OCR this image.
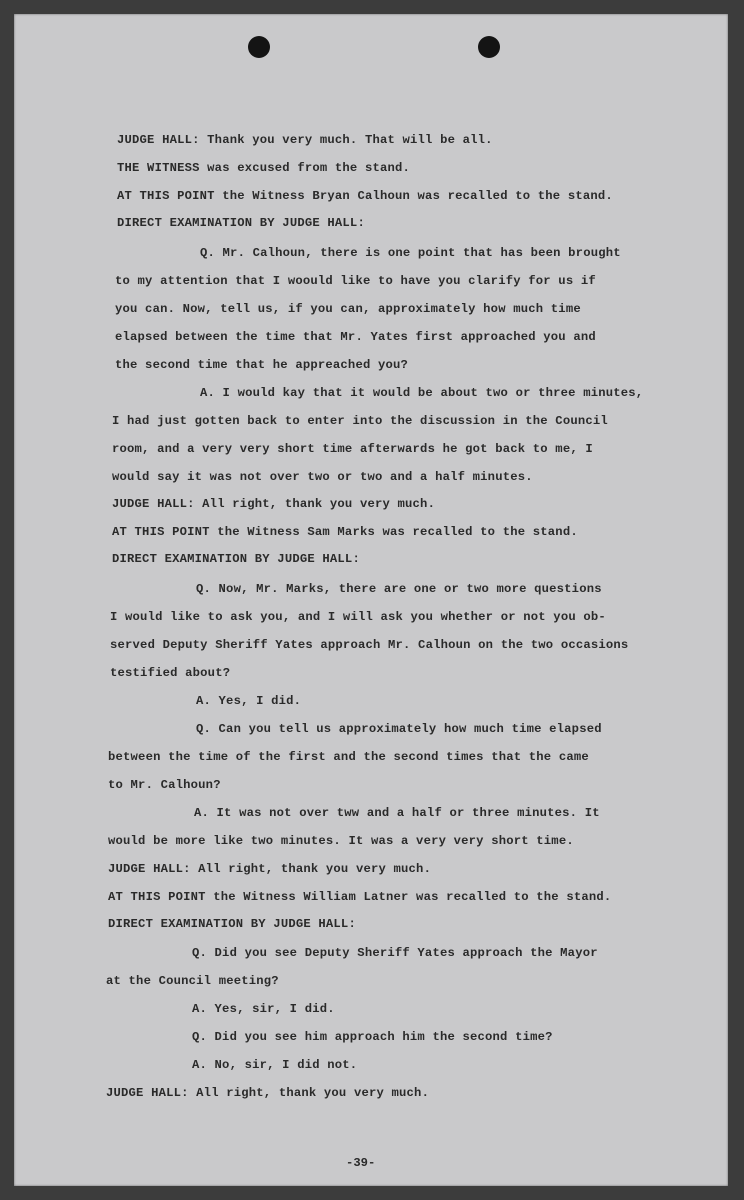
JUDGE HALL: Thank you very much. That will be all.
THE WITNESS was excused from the stand.
AT THIS POINT the Witness Bryan Calhoun was recalled to the stand.
DIRECT EXAMINATION BY JUDGE HALL:
Q. Mr. Calhoun, there is one point that has been brought
to my attention that I woould like to have you clarify for us if
you can. Now, tell us, if you can, approximately how much time
elapsed between the time that Mr. Yates first approached you and
the second time that he appreached you?
A. I would kay that it would be about two or three minutes,
I had just gotten back to enter into the discussion in the Council
room, and a very very short time afterwards he got back to me, I
would say it was not over two or two and a half minutes.
JUDGE HALL: All right, thank you very much.
AT THIS POINT the Witness Sam Marks was recalled to the stand.
DIRECT EXAMINATION BY JUDGE HALL:
Q. Now, Mr. Marks, there are one or two more questions
I would like to ask you, and I will ask you whether or not you ob-
served Deputy Sheriff Yates approach Mr. Calhoun on the two occasions
testified about?
A. Yes, I did.
Q. Can you tell us approximately how much time elapsed
between the time of the first and the second times that the came
to Mr. Calhoun?
A. It was not over tww and a half or three minutes. It
would be more like two minutes. It was a very very short time.
JUDGE HALL: All right, thank you very much.
AT THIS POINT the Witness William Latner was recalled to the stand.
DIRECT EXAMINATION BY JUDGE HALL:
Q. Did you see Deputy Sheriff Yates approach the Mayor
at the Council meeting?
A. Yes, sir, I did.
Q. Did you see him approach him the second time?
A. No, sir, I did not.
JUDGE HALL: All right, thank you very much.
-39-
